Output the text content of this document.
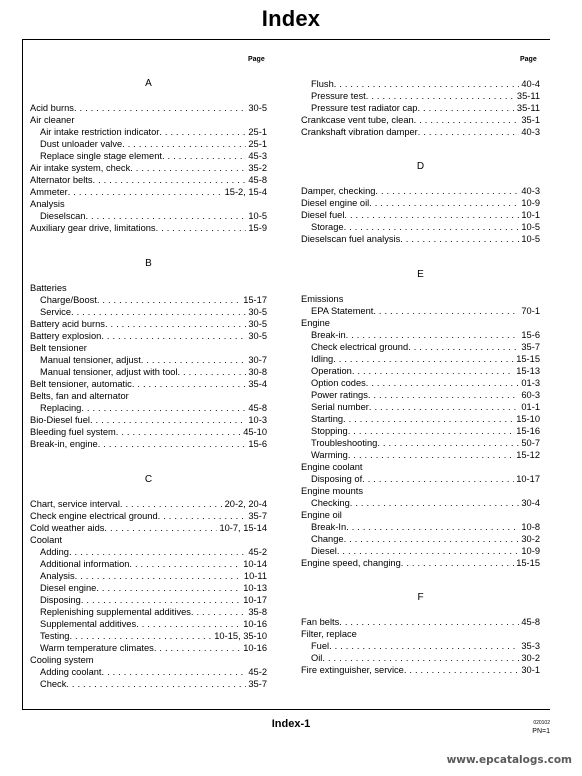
Index
Page	Page
A
Acid burns . . .	30-5
Air cleaner
Air intake restriction indicator . . .	25-1
Dust unloader valve . . .	25-1
Replace single stage element . . .	45-3
Air intake system, check . . .	35-2
Alternator belts . . .	45-8
Ammeter . . .	15-2, 15-4
Analysis
Dieselscan . . .	10-5
Auxiliary gear drive, limitations . . .	15-9
B
Batteries
Charge/Boost . . .	15-17
Service . . .	30-5
Battery acid burns . . .	30-5
Battery explosion . . .	30-5
Belt tensioner
Manual tensioner, adjust . . .	30-7
Manual tensioner, adjust with tool . . .	30-8
Belt tensioner, automatic . . .	35-4
Belts, fan and alternator
Replacing . . .	45-8
Bio-Diesel fuel . . .	10-3
Bleeding fuel system . . .	45-10
Break-in, engine . . .	15-6
C
Chart, service interval . . .	20-2, 20-4
Check engine electrical ground . . .	35-7
Cold weather aids . . .	10-7, 15-14
Coolant
Adding . . .	45-2
Additional information . . .	10-14
Analysis . . .	10-11
Diesel engine . . .	10-13
Disposing . . .	10-17
Replenishing supplemental additives . . .	35-8
Supplemental additives . . .	10-16
Testing . . .	10-15, 35-10
Warm temperature climates . . .	10-16
Cooling system
Adding coolant . . .	45-2
Check . . .	35-7
Flush . . .	40-4
Pressure test . . .	35-11
Pressure test radiator cap . . .	35-11
Crankcase vent tube, clean . . .	35-1
Crankshaft vibration damper . . .	40-3
D
Damper, checking . . .	40-3
Diesel engine oil . . .	10-9
Diesel fuel . . .	10-1
Storage . . .	10-5
Dieselscan fuel analysis . . .	10-5
E
Emissions
EPA Statement . . .	70-1
Engine
Break-in . . .	15-6
Check electrical ground . . .	35-7
Idling . . .	15-15
Operation . . .	15-13
Option codes . . .	01-3
Power ratings . . .	60-3
Serial number . . .	01-1
Starting . . .	15-10
Stopping . . .	15-16
Troubleshooting . . .	50-7
Warming . . .	15-12
Engine coolant
Disposing of . . .	10-17
Engine mounts
Checking . . .	30-4
Engine oil
Break-In . . .	10-8
Change . . .	30-2
Diesel . . .	10-9
Engine speed, changing . . .	15-15
F
Fan belts . . .	45-8
Filter, replace
Fuel . . .	35-3
Oil . . .	30-2
Fire extinguisher, service . . .	30-1
Index-1	020102
PN=1
www.epcatalogs.com
